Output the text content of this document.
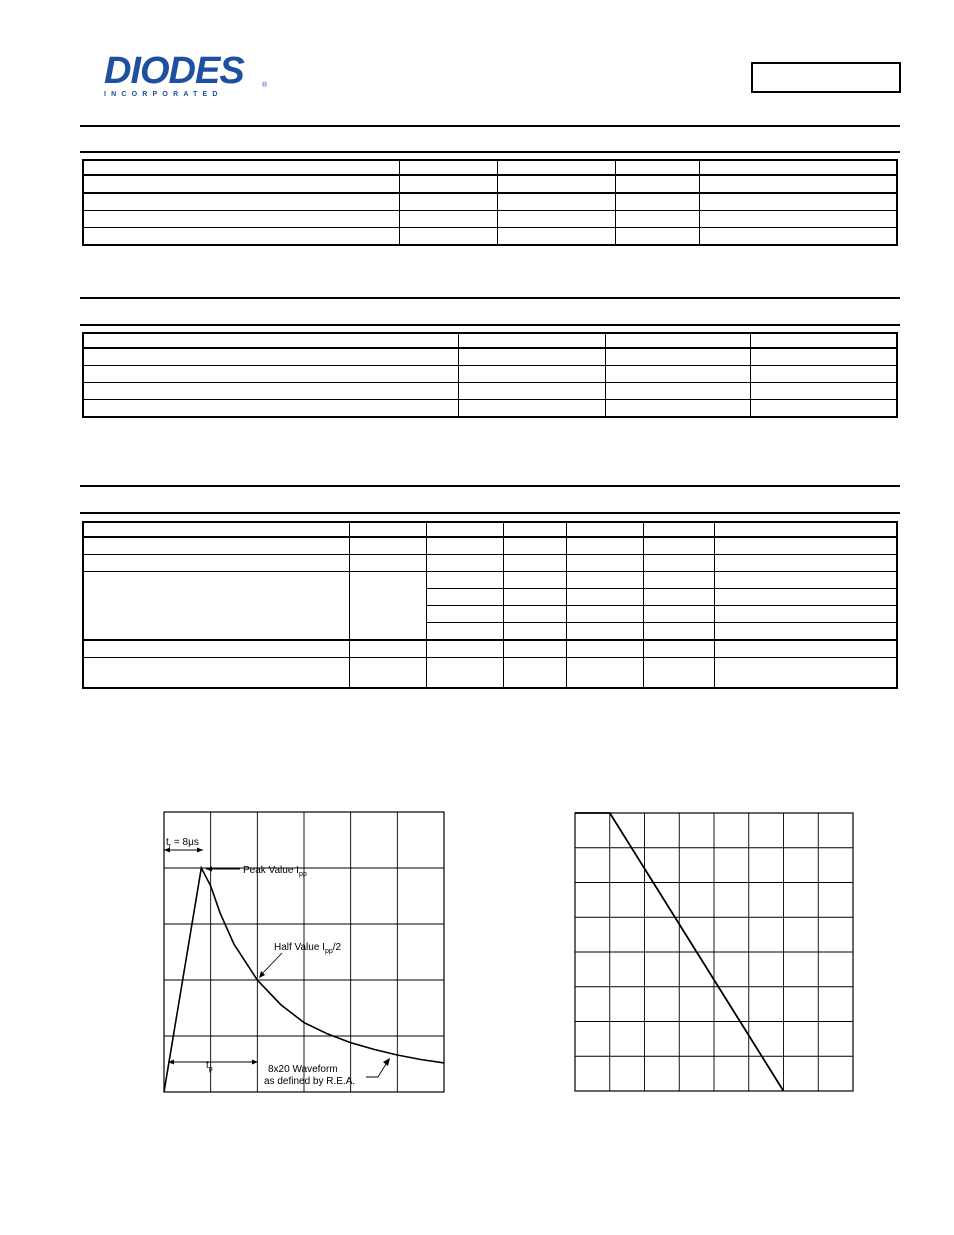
DIODES
INCORPORATED
®

$t_r = 8\mu s$
Peak Value $I_{pp}$
Half Value $I_{pp}/2$
$t_p$	8x20 Waveform
as defined by R.E.A.
